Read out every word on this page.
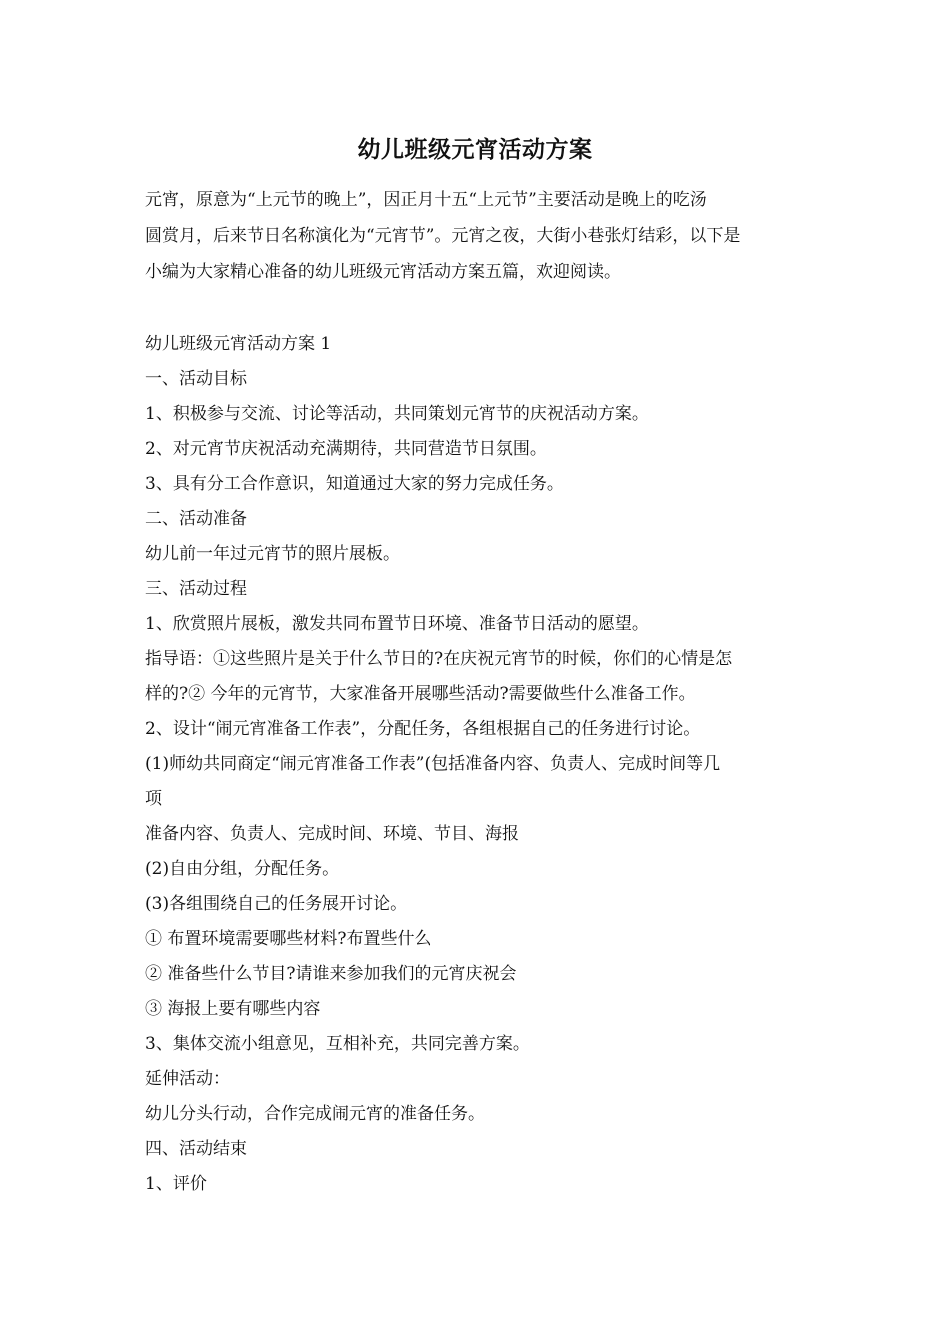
幼儿班级元宵活动方案

元宵，原意为“上元节的晚上”，因正月十五“上元节”主要活动是晚上的吃汤

圆赏月，后来节日名称演化为“元宵节”。元宵之夜，大街小巷张灯结彩，以下是

小编为大家精心准备的幼儿班级元宵活动方案五篇，欢迎阅读。

幼儿班级元宵活动方案 1

一、活动目标

1、积极参与交流、讨论等活动，共同策划元宵节的庆祝活动方案。

2、对元宵节庆祝活动充满期待，共同营造节日氛围。

3、具有分工合作意识，知道通过大家的努力完成任务。

二、活动准备

幼儿前一年过元宵节的照片展板。

三、活动过程

1、欣赏照片展板，激发共同布置节日环境、准备节日活动的愿望。

指导语：①这些照片是关于什么节日的?在庆祝元宵节的时候，你们的心情是怎

样的?② 今年的元宵节，大家准备开展哪些活动?需要做些什么准备工作。

2、设计“闹元宵准备工作表”，分配任务，各组根据自己的任务进行讨论。

(1)师幼共同商定“闹元宵准备工作表”(包括准备内容、负责人、完成时间等几

项

准备内容、负责人、完成时间、环境、节目、海报

(2)自由分组，分配任务。

(3)各组围绕自己的任务展开讨论。

① 布置环境需要哪些材料?布置些什么

② 准备些什么节目?请谁来参加我们的元宵庆祝会

③ 海报上要有哪些内容

3、集体交流小组意见，互相补充，共同完善方案。

延伸活动：

幼儿分头行动，合作完成闹元宵的准备任务。

四、活动结束

1、评价
